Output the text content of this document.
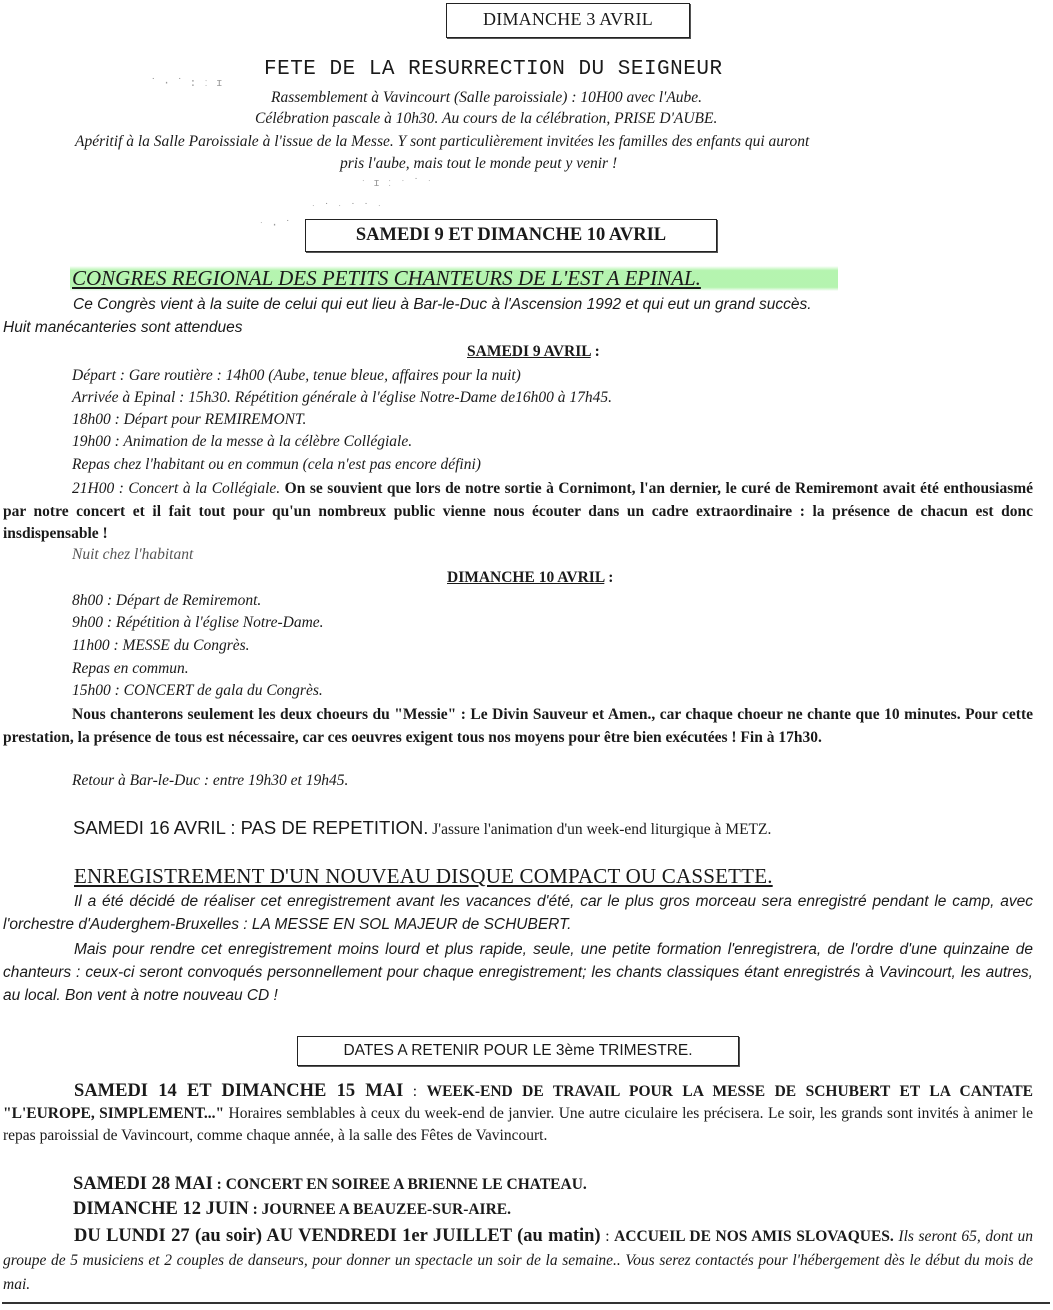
˙ · ˙ : ː ɪ
ˑ ɪ ː ˑ ˙ ˑ
ˑ ˙ ˑ ˙ ˙ ˑ
ˑ · ˙
DIMANCHE 3 AVRIL
FETE DE LA RESURRECTION DU SEIGNEUR
Rassemblement à Vavincourt (Salle paroissiale) : 10H00 avec l'Aube.
Célébration pascale à 10h30. Au cours de la célébration, PRISE D'AUBE.
Apéritif à la Salle Paroissiale à l'issue de la Messe. Y sont particulièrement invitées les familles des enfants qui auront
pris l'aube, mais tout le monde peut y venir !
SAMEDI 9 ET DIMANCHE 10 AVRIL
CONGRES REGIONAL DES PETITS CHANTEURS DE L'EST A EPINAL.
Ce Congrès vient à la suite de celui qui eut lieu à Bar-le-Duc à l'Ascension 1992 et qui eut un grand succès.
Huit manécanteries sont attendues
SAMEDI 9 AVRIL :
Départ : Gare routière : 14h00 (Aube, tenue bleue, affaires pour la nuit)
Arrivée à Epinal : 15h30. Répétition générale à l'église Notre-Dame de16h00 à 17h45.
18h00 : Départ pour REMIREMONT.
19h00 : Animation de la messe à la célèbre Collégiale.
Repas chez l'habitant ou en commun (cela n'est pas encore défini)
21H00 : Concert à la Collégiale. On se souvient que lors de notre sortie à Cornimont, l'an dernier, le curé de Remiremont avait été enthousiasmé par notre concert et il fait tout pour qu'un nombreux public vienne nous écouter dans un cadre extraordinaire : la présence de chacun est donc insdispensable !
Nuit chez l'habitant
DIMANCHE 10 AVRIL :
8h00 : Départ de Remiremont.
9h00 : Répétition à l'église Notre-Dame.
11h00 : MESSE du Congrès.
Repas en commun.
15h00 : CONCERT de gala du Congrès.
Nous chanterons seulement les deux choeurs du "Messie" : Le Divin Sauveur et Amen., car chaque choeur ne chante que 10 minutes. Pour cette prestation, la présence de tous est nécessaire, car ces oeuvres exigent tous nos moyens pour être bien exécutées ! Fin à 17h30.
Retour à Bar-le-Duc : entre 19h30 et 19h45.
SAMEDI 16 AVRIL : PAS DE REPETITION. J'assure l'animation d'un week-end liturgique à METZ.
ENREGISTREMENT D'UN NOUVEAU DISQUE COMPACT OU CASSETTE.
Il a été décidé de réaliser cet enregistrement avant les vacances d'été, car le plus gros morceau sera enregistré pendant le camp, avec l'orchestre d'Auderghem-Bruxelles : LA MESSE EN SOL MAJEUR de SCHUBERT.
Mais pour rendre cet enregistrement moins lourd et plus rapide, seule, une petite formation l'enregistrera, de l'ordre d'une quinzaine de chanteurs : ceux-ci seront convoqués personnellement pour chaque enregistrement; les chants classiques étant enregistrés à Vavincourt, les autres, au local. Bon vent à notre nouveau CD !
DATES A RETENIR POUR LE 3ème TRIMESTRE.
SAMEDI 14 ET DIMANCHE 15 MAI : WEEK-END DE TRAVAIL POUR LA MESSE DE SCHUBERT ET LA CANTATE "L'EUROPE, SIMPLEMENT..." Horaires semblables à ceux du week-end de janvier. Une autre ciculaire les précisera. Le soir, les grands sont invités à animer le repas paroissial de Vavincourt, comme chaque année, à la salle des Fêtes de Vavincourt.
SAMEDI 28 MAI : CONCERT EN SOIREE A BRIENNE LE CHATEAU.
DIMANCHE 12 JUIN : JOURNEE A BEAUZEE-SUR-AIRE.
DU LUNDI 27 (au soir) AU VENDREDI 1er JUILLET (au matin) : ACCUEIL DE NOS AMIS SLOVAQUES. Ils seront 65, dont un groupe de 5 musiciens et 2 couples de danseurs, pour donner un spectacle un soir de la semaine.. Vous serez contactés pour l'hébergement dès le début du mois de mai.
